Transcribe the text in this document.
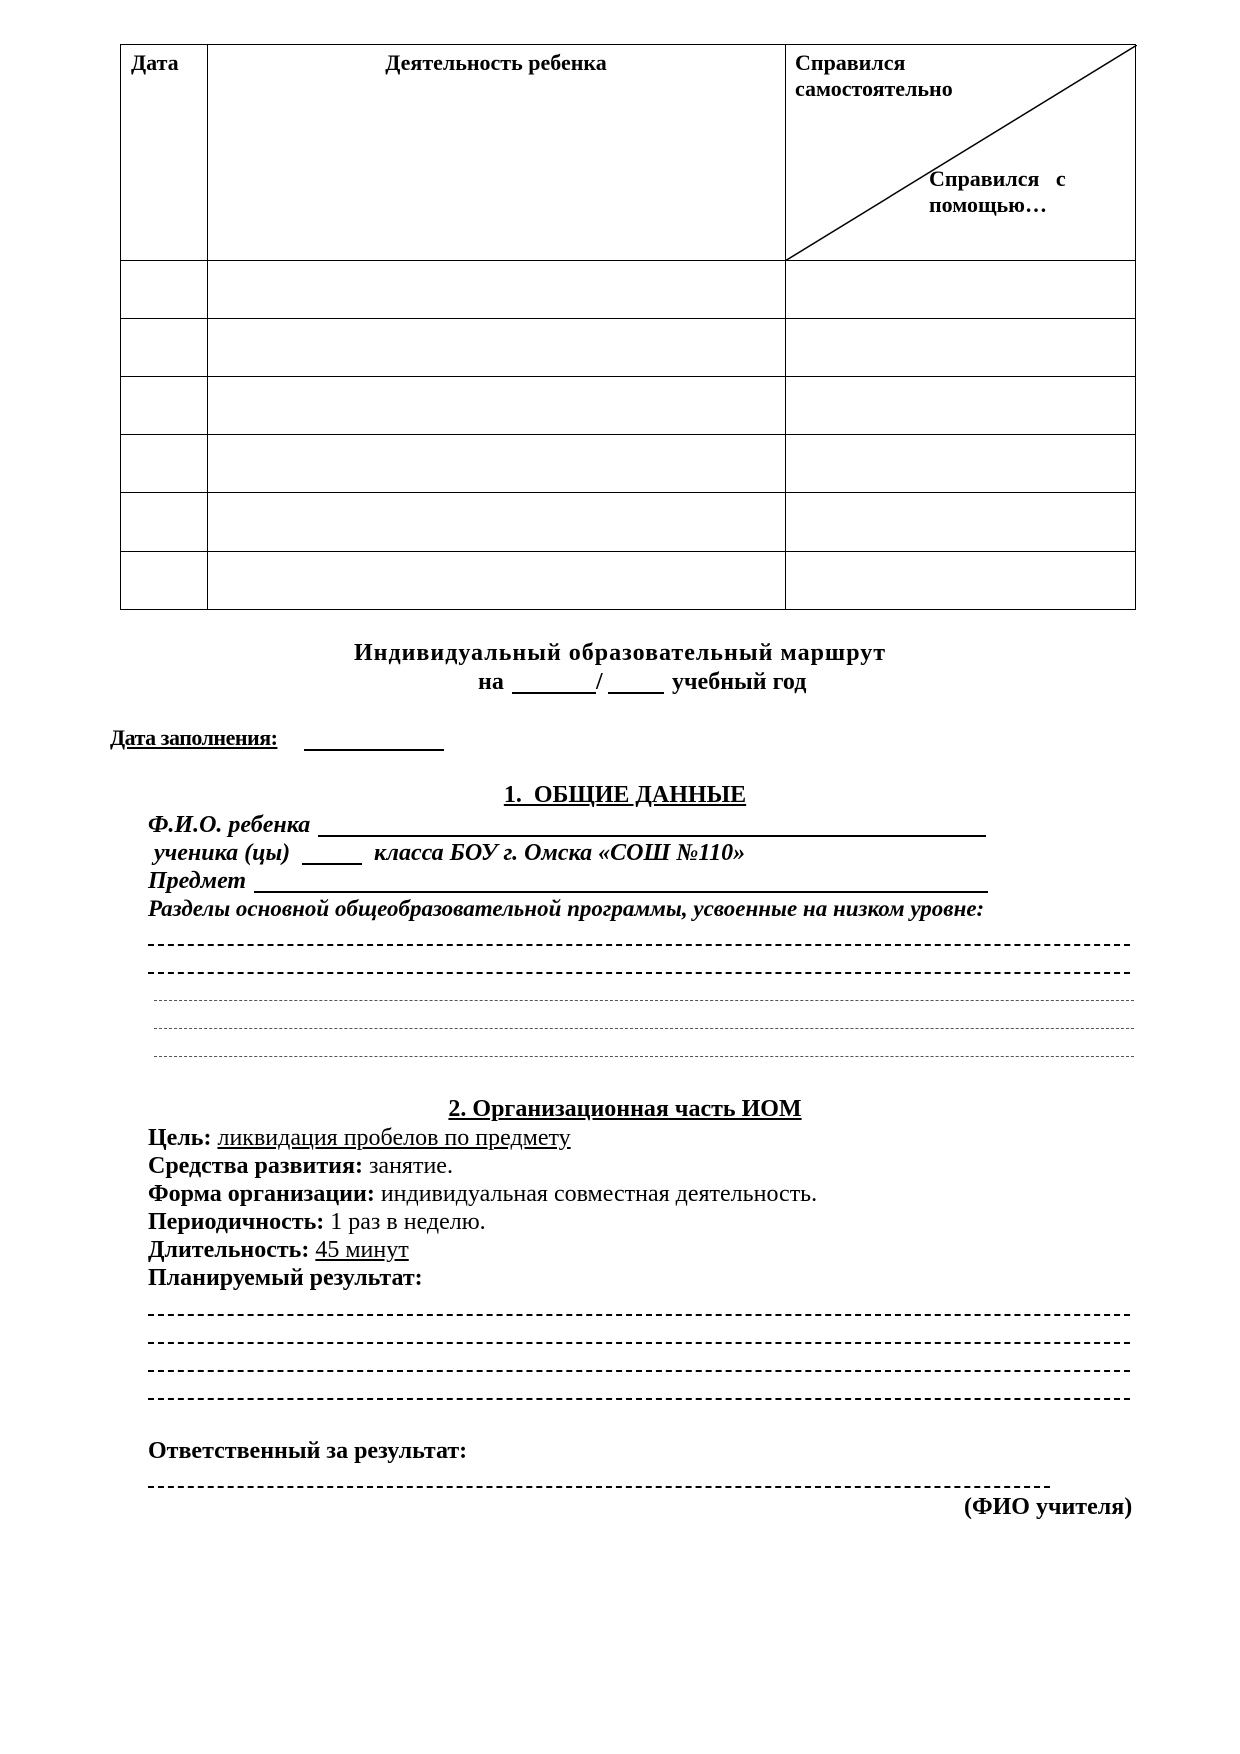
Дата	Деятельность ребенка	Справился
самостоятельно
Справился   с
помощью…
Индивидуальный образовательный маршрут
на	/	учебный год
Дата заполнения:
1.  ОБЩИЕ ДАННЫЕ
Ф.И.О. ребенка
ученика (цы)	класса БОУ г. Омска «СОШ №110»
Предмет
Разделы основной общеобразовательной программы, усвоенные на низком уровне:
2. Организационная часть ИОМ
Цель: ликвидация пробелов по предмету
Средства развития: занятие.
Форма организации: индивидуальная совместная деятельность.
Периодичность: 1 раз в неделю.
Длительность: 45 минут
Планируемый результат:
Ответственный за результат:
(ФИО учителя)
